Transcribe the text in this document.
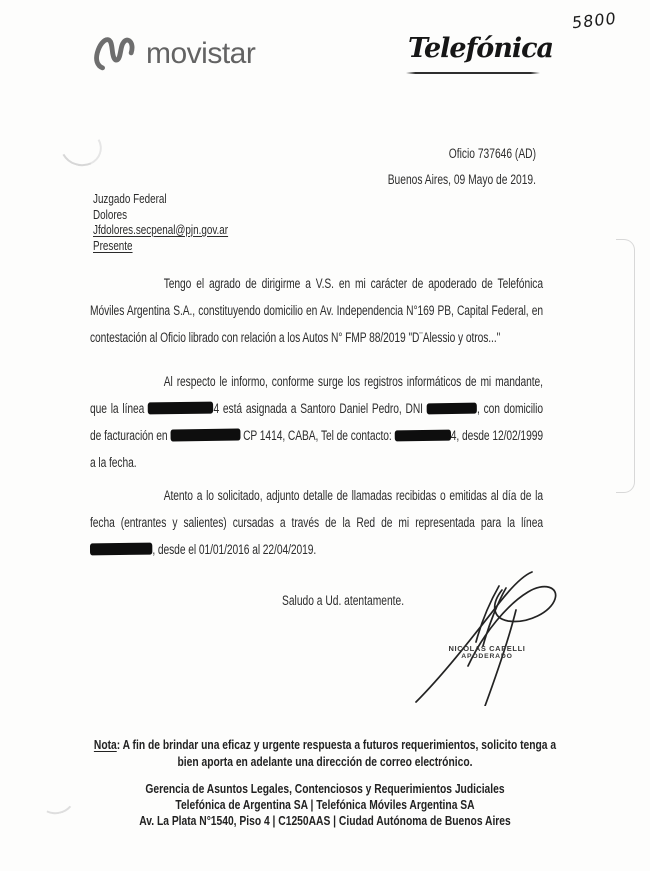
movistar	Telefónica
5800
Oficio 737646 (AD)
Buenos Aires, 09 Mayo de 2019.
Juzgado Federal
Dolores
Jfdolores.secpenal@pjn.gov.ar
Presente

Tengo el agrado de dirigirme a V.S. en mi carácter de apoderado de Telefónica Móviles Argentina S.A., constituyendo domicilio en Av. Independencia N°169 PB, Capital Federal, en contestación al Oficio librado con relación a los Autos N° FMP 88/2019 "D¨Alessio y otros..."

Al respecto le informo, conforme surge los registros informáticos de mi mandante, que la línea	4 está asignada a Santoro Daniel Pedro, DNI	, con domicilio de facturación en	CP 1414, CABA, Tel de contacto:	4, desde 12/02/1999 a la fecha.

Atento a lo solicitado, adjunto detalle de llamadas recibidas o emitidas al día de la fecha (entrantes y salientes) cursadas a través de la Red de mi representada para la línea , desde el 01/01/2016 al 22/04/2019.

Saludo a Ud. atentamente.
NICOLAS CAPELLI
APODERADO
Nota: A fin de brindar una eficaz y urgente respuesta a futuros requerimientos, solicito tenga a bien aporta en adelante una dirección de correo electrónico.
Gerencia de Asuntos Legales, Contenciosos y Requerimientos Judiciales
Telefónica de Argentina SA | Telefónica Móviles Argentina SA
Av. La Plata N°1540, Piso 4 | C1250AAS | Ciudad Autónoma de Buenos Aires
